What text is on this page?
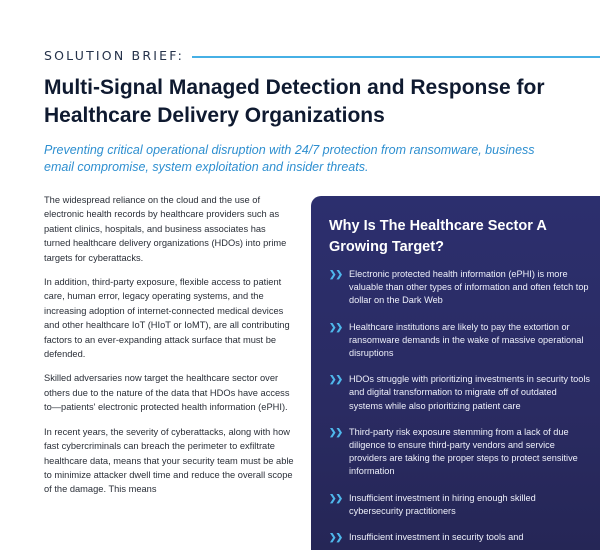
SOLUTION BRIEF:
Multi-Signal Managed Detection and Response for Healthcare Delivery Organizations

Preventing critical operational disruption with 24/7 protection from ransomware, business email compromise, system exploitation and insider threats.

The widespread reliance on the cloud and the use of electronic health records by healthcare providers such as patient clinics, hospitals, and business associates has turned healthcare delivery organizations (HDOs) into prime targets for cyberattacks.

In addition, third-party exposure, flexible access to patient care, human error, legacy operating systems, and the increasing adoption of internet-connected medical devices and other healthcare IoT (HIoT or IoMT), are all contributing factors to an ever-expanding attack surface that must be defended.

Skilled adversaries now target the healthcare sector over others due to the nature of the data that HDOs have access to—patients' electronic protected health information (ePHI).

In recent years, the severity of cyberattacks, along with how fast cybercriminals can breach the perimeter to exfiltrate healthcare data, means that your security team must be able to minimize attacker dwell time and reduce the overall scope of the damage. This means

Why Is The Healthcare Sector A Growing Target?
❯❯ Electronic protected health information (ePHI) is more valuable than other types of information and often fetch top dollar on the Dark Web
❯❯ Healthcare institutions are likely to pay the extortion or ransomware demands in the wake of massive operational disruptions
❯❯ HDOs struggle with prioritizing investments in security tools and digital transformation to migrate off of outdated systems while also prioritizing patient care
❯❯ Third-party risk exposure stemming from a lack of due diligence to ensure third-party vendors and service providers are taking the proper steps to protect sensitive information
❯❯ Insufficient investment in hiring enough skilled cybersecurity practitioners
❯❯ Insufficient investment in security tools and
